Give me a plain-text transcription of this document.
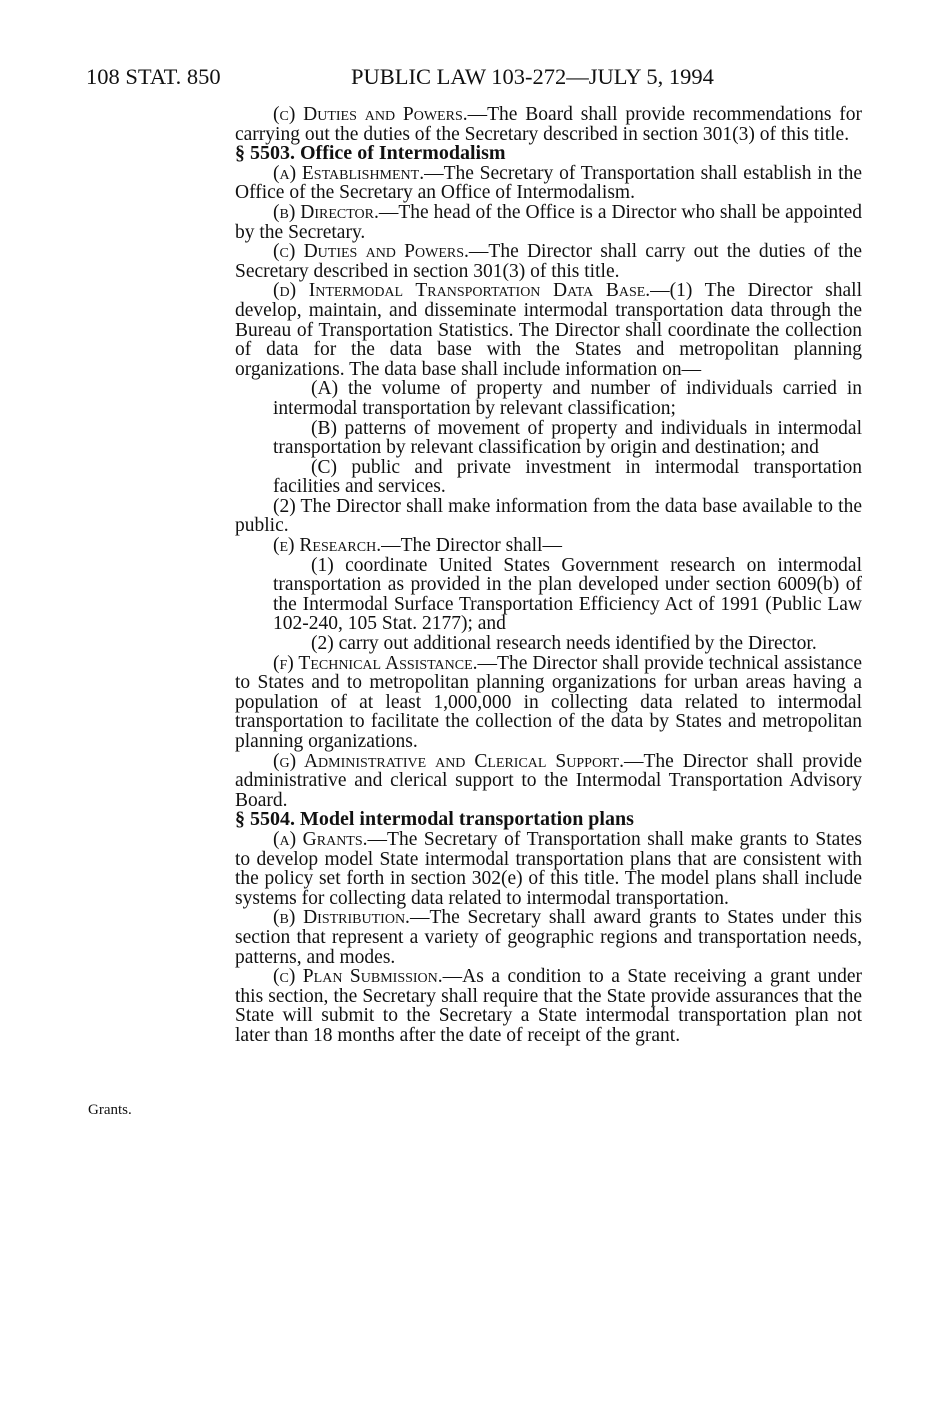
108 STAT. 850	PUBLIC LAW 103-272—JULY 5, 1994
Grants.

(c) Duties and Powers.—The Board shall provide recommendations for carrying out the duties of the Secretary described in section 301(3) of this title.

§ 5503. Office of Intermodalism

(a) Establishment.—The Secretary of Transportation shall establish in the Office of the Secretary an Office of Intermodalism.

(b) Director.—The head of the Office is a Director who shall be appointed by the Secretary.

(c) Duties and Powers.—The Director shall carry out the duties of the Secretary described in section 301(3) of this title.

(d) Intermodal Transportation Data Base.—(1) The Director shall develop, maintain, and disseminate intermodal transportation data through the Bureau of Transportation Statistics. The Director shall coordinate the collection of data for the data base with the States and metropolitan planning organizations. The data base shall include information on—

(A) the volume of property and number of individuals carried in intermodal transportation by relevant classification;

(B) patterns of movement of property and individuals in intermodal transportation by relevant classification by origin and destination; and

(C) public and private investment in intermodal transportation facilities and services.

(2) The Director shall make information from the data base available to the public.

(e) Research.—The Director shall—

(1) coordinate United States Government research on intermodal transportation as provided in the plan developed under section 6009(b) of the Intermodal Surface Transportation Efficiency Act of 1991 (Public Law 102-240, 105 Stat. 2177); and

(2) carry out additional research needs identified by the Director.

(f) Technical Assistance.—The Director shall provide technical assistance to States and to metropolitan planning organizations for urban areas having a population of at least 1,000,000 in collecting data related to intermodal transportation to facilitate the collection of the data by States and metropolitan planning organizations.

(g) Administrative and Clerical Support.—The Director shall provide administrative and clerical support to the Intermodal Transportation Advisory Board.

§ 5504. Model intermodal transportation plans

(a) Grants.—The Secretary of Transportation shall make grants to States to develop model State intermodal transportation plans that are consistent with the policy set forth in section 302(e) of this title. The model plans shall include systems for collecting data related to intermodal transportation.

(b) Distribution.—The Secretary shall award grants to States under this section that represent a variety of geographic regions and transportation needs, patterns, and modes.

(c) Plan Submission.—As a condition to a State receiving a grant under this section, the Secretary shall require that the State provide assurances that the State will submit to the Secretary a State intermodal transportation plan not later than 18 months after the date of receipt of the grant.
